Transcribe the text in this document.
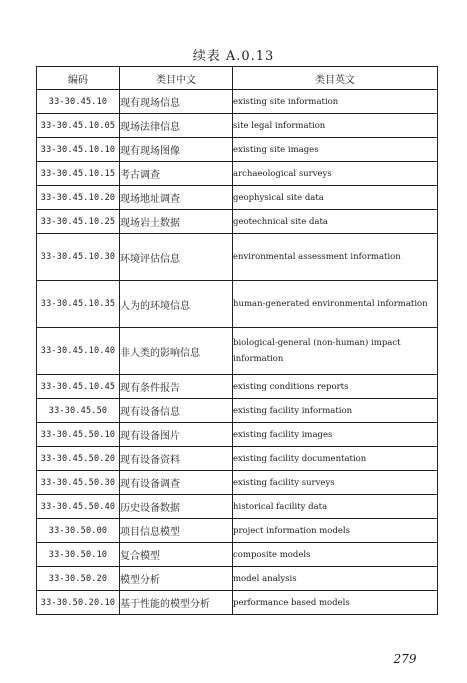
续表 A.0.13
编码	类目中文	类目英文
33-30.45.10	现有现场信息	existing site information
33-30.45.10.05	现场法律信息	site legal information
33-30.45.10.10	现有现场图像	existing site images
33-30.45.10.15	考古调查	archaeological surveys
33-30.45.10.20	现场地址调查	geophysical site data
33-30.45.10.25	现场岩土数据	geotechnical site data
33-30.45.10.30	环境评估信息	environmental assessment information
33-30.45.10.35	人为的环境信息	human-generated environmental information
33-30.45.10.40	非人类的影响信息	biological-general (non-human) impact information
33-30.45.10.45	现有条件报告	existing conditions reports
33-30.45.50	现有设备信息	existing facility information
33-30.45.50.10	现有设备图片	existing facility images
33-30.45.50.20	现有设备资料	existing facility documentation
33-30.45.50.30	现有设备调查	existing facility surveys
33-30.45.50.40	历史设备数据	historical facility data
33-30.50.00	项目信息模型	project information models
33-30.50.10	复合模型	composite models
33-30.50.20	模型分析	model analysis
33-30.50.20.10	基于性能的模型分析	performance based models
279
